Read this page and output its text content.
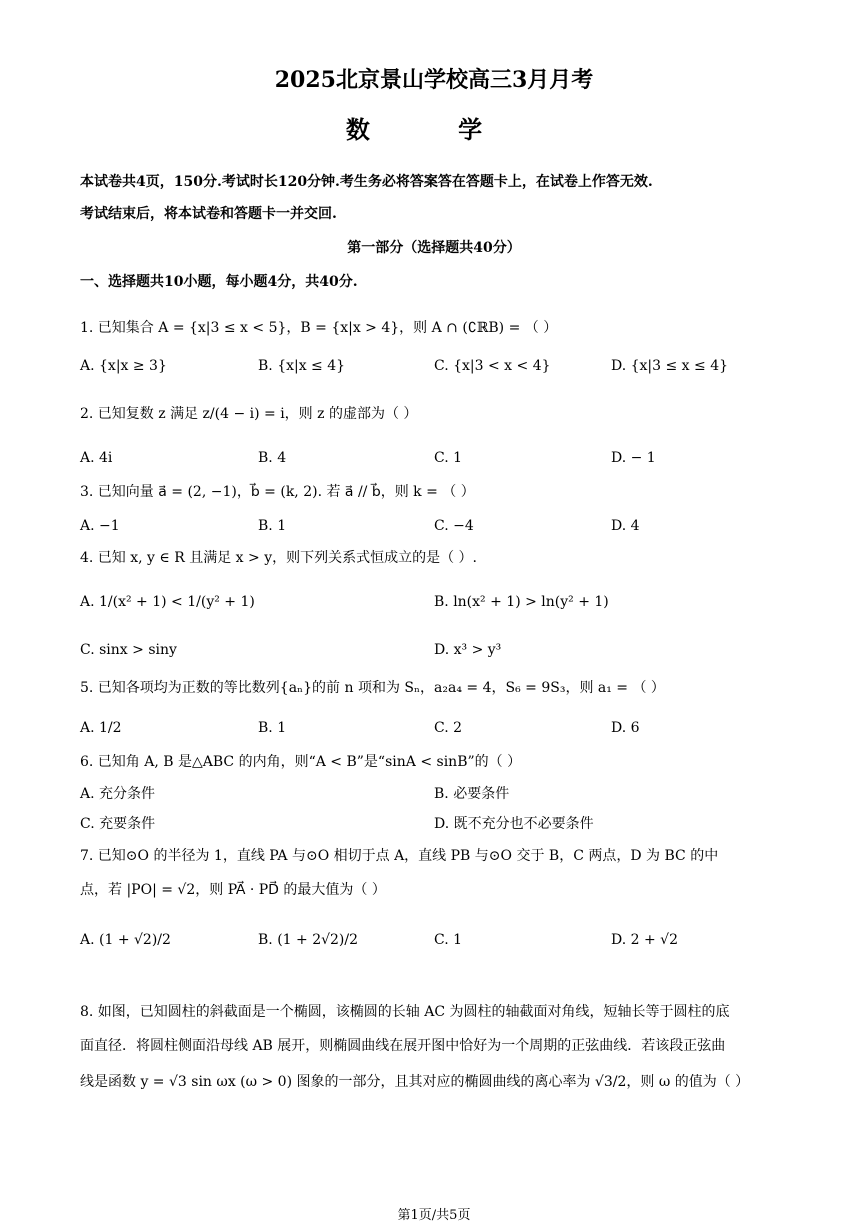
2025北京景山学校高三3月月考
数 学
本试卷共4页，150分.考试时长120分钟.考生务必将答案答在答题卡上，在试卷上作答无效.
考试结束后，将本试卷和答题卡一并交回.
第一部分（选择题共40分）
一、选择题共10小题，每小题4分，共40分.
1. 已知集合 A = {x|3 ≤ x < 5}，B = {x|x > 4}，则 A ∩ (∁ℝB) = （ ）
A. {x|x ≥ 3}	B. {x|x ≤ 4}	C. {x|3 < x < 4}	D. {x|3 ≤ x ≤ 4}
2. 已知复数 z 满足 z/(4 − i) = i，则 z 的虚部为（ ）
A. 4i	B. 4	C. 1	D. − 1
3. 已知向量 a⃗ = (2, −1)，b⃗ = (k, 2). 若 a⃗ // b⃗，则 k = （ ）
A. −1	B. 1	C. −4	D. 4
4. 已知 x, y ∈ R 且满足 x > y，则下列关系式恒成立的是（ ）.
A. 1/(x² + 1) < 1/(y² + 1)	B. ln(x² + 1) > ln(y² + 1)
C. sinx > siny	D. x³ > y³
5. 已知各项均为正数的等比数列{aₙ}的前 n 项和为 Sₙ，a₂a₄ = 4，S₆ = 9S₃，则 a₁ = （ ）
A. 1/2	B. 1	C. 2	D. 6
6. 已知角 A, B 是△ABC 的内角，则“A < B”是“sinA < sinB”的（ ）
A. 充分条件	B. 必要条件
C. 充要条件	D. 既不充分也不必要条件
7. 已知⊙O 的半径为 1，直线 PA 与⊙O 相切于点 A，直线 PB 与⊙O 交于 B，C 两点，D 为 BC 的中
点，若 |PO| = √2，则 PA⃗ · PD⃗ 的最大值为（ ）
A. (1 + √2)/2	B. (1 + 2√2)/2	C. 1	D. 2 + √2
8. 如图，已知圆柱的斜截面是一个椭圆，该椭圆的长轴 AC 为圆柱的轴截面对角线，短轴长等于圆柱的底
面直径．将圆柱侧面沿母线 AB 展开，则椭圆曲线在展开图中恰好为一个周期的正弦曲线．若该段正弦曲
线是函数 y = √3 sin ωx (ω > 0) 图象的一部分，且其对应的椭圆曲线的离心率为 √3/2，则 ω 的值为（ ）
第1页/共5页
